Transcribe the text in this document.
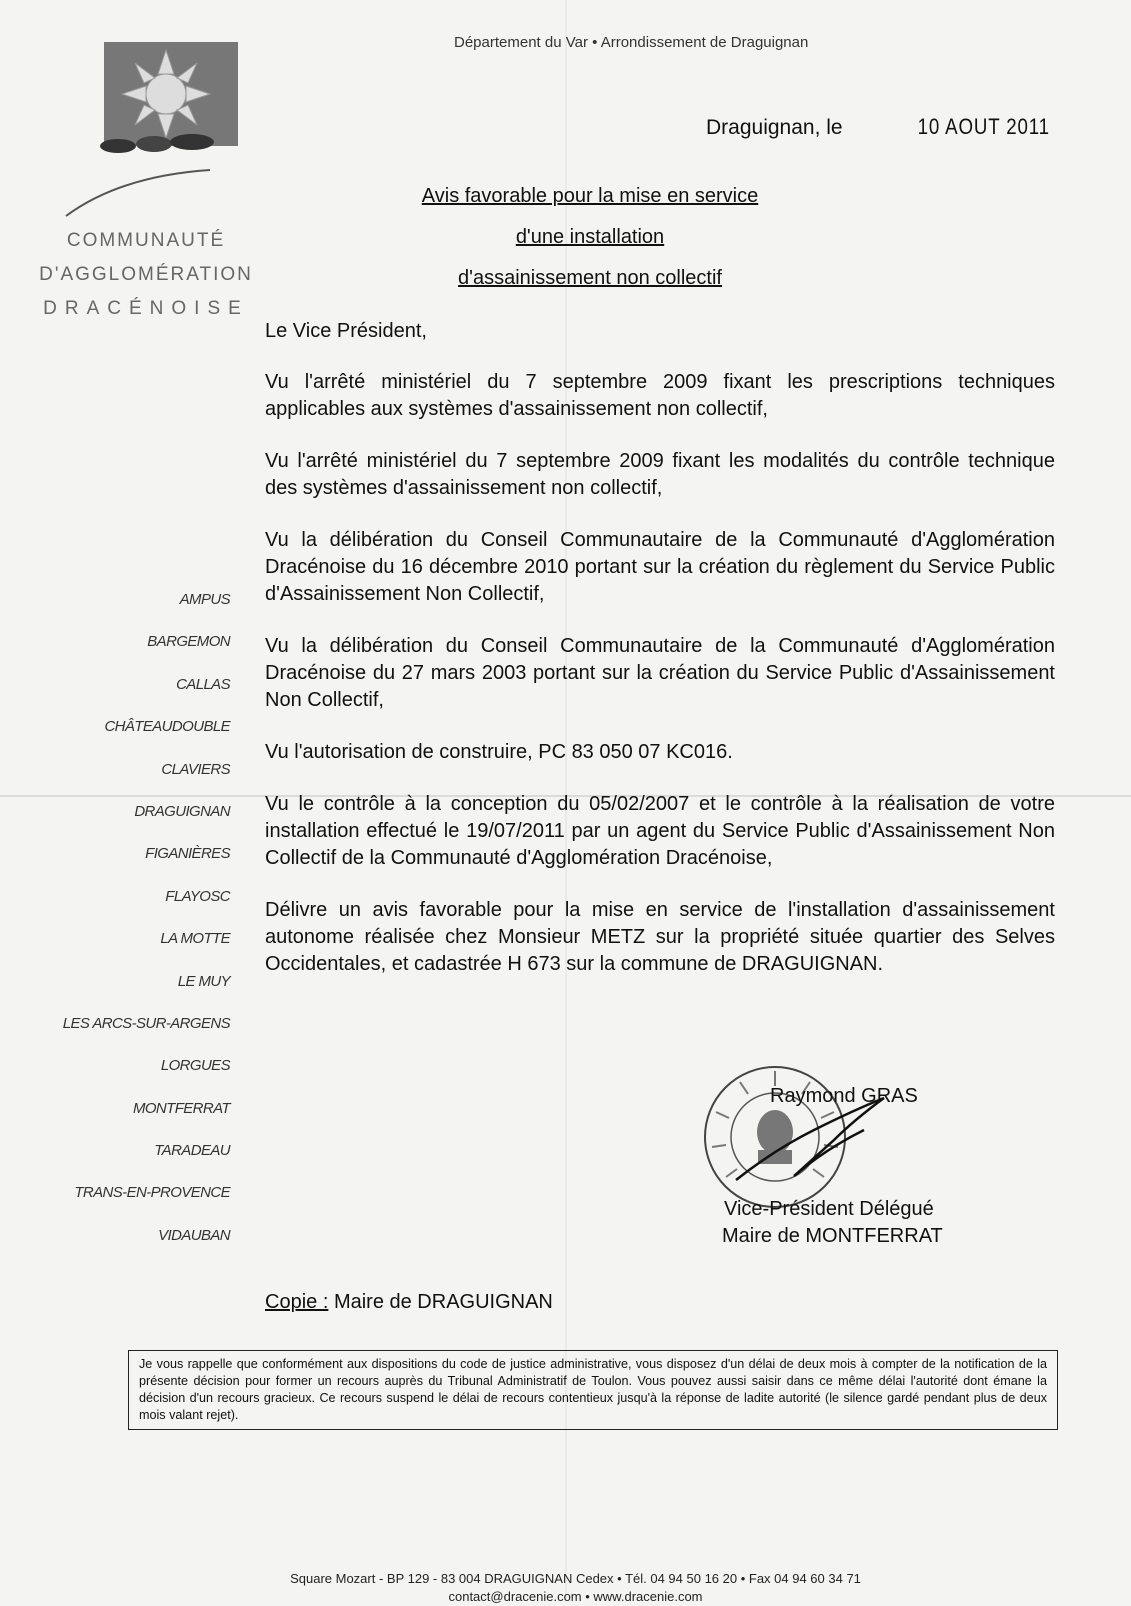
COMMUNAUTÉ
D'AGGLOMÉRATION
DRACÉNOISE
Département du Var • Arrondissement de Draguignan
Draguignan, le	10 AOUT 2011
Avis favorable pour la mise en service
d'une installation
d'assainissement non collectif
AMPUS
BARGEMON
CALLAS
CHÂTEAUDOUBLE
CLAVIERS
DRAGUIGNAN
FIGANIÈRES
FLAYOSC
LA MOTTE
LE MUY
LES ARCS-SUR-ARGENS
LORGUES
MONTFERRAT
TARADEAU
TRANS-EN-PROVENCE
VIDAUBAN

Le Vice Président,

Vu l'arrêté ministériel du 7 septembre 2009 fixant les prescriptions techniques applicables aux systèmes d'assainissement non collectif,

Vu l'arrêté ministériel du 7 septembre 2009 fixant les modalités du contrôle technique des systèmes d'assainissement non collectif,

Vu la délibération du Conseil Communautaire de la Communauté d'Agglomération Dracénoise du 16 décembre 2010 portant sur la création du règlement du Service Public d'Assainissement Non Collectif,

Vu la délibération du Conseil Communautaire de la Communauté d'Agglomération Dracénoise du 27 mars 2003 portant sur la création du Service Public d'Assainissement Non Collectif,

Vu l'autorisation de construire, PC 83 050 07 KC016.

Vu le contrôle à la conception du 05/02/2007 et le contrôle à la réalisation de votre installation effectué le 19/07/2011 par un agent du Service Public d'Assainissement Non Collectif de la Communauté d'Agglomération Dracénoise,

Délivre un avis favorable pour la mise en service de l'installation d'assainissement autonome réalisée chez Monsieur METZ sur la propriété située quartier des Selves Occidentales, et cadastrée H 673 sur la commune de DRAGUIGNAN.

Raymond GRAS
Vice-Président Délégué
Maire de MONTFERRAT
Copie : Maire de DRAGUIGNAN
Je vous rappelle que conformément aux dispositions du code de justice administrative, vous disposez d'un délai de deux mois à compter de la notification de la présente décision pour former un recours auprès du Tribunal Administratif de Toulon. Vous pouvez aussi saisir dans ce même délai l'autorité dont émane la décision d'un recours gracieux. Ce recours suspend le délai de recours contentieux jusqu'à la réponse de ladite autorité (le silence gardé pendant plus de deux mois valant rejet).
Square Mozart - BP 129 - 83 004 DRAGUIGNAN Cedex • Tél. 04 94 50 16 20 • Fax 04 94 60 34 71
contact@dracenie.com • www.dracenie.com
